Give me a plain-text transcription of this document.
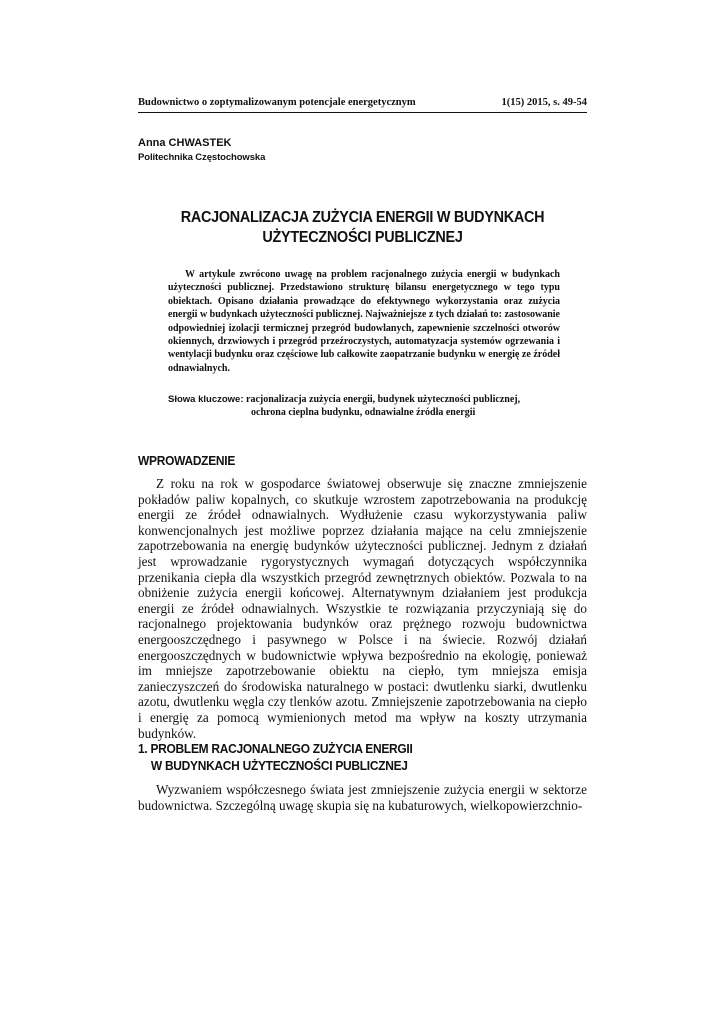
Budownictwo o zoptymalizowanym potencjale energetycznym	1(15) 2015, s. 49-54
Anna CHWASTEK
Politechnika Częstochowska
RACJONALIZACJA ZUŻYCIA ENERGII W BUDYNKACH
UŻYTECZNOŚCI PUBLICZNEJ

W artykule zwrócono uwagę na problem racjonalnego zużycia energii w budynkach użyteczności publicznej. Przedstawiono strukturę bilansu energetycznego w tego typu obiektach. Opisano działania prowadzące do efektywnego wykorzystania oraz zużycia energii w budynkach użyteczności publicznej. Najważniejsze z tych działań to: zastosowanie odpowiedniej izolacji termicznej przegród budowlanych, zapewnienie szczelności otworów okiennych, drzwiowych i przegród przeźroczystych, automatyzacja systemów ogrzewania i wentylacji budynku oraz częściowe lub całkowite zaopatrzanie budynku w energię ze źródeł odnawialnych.

Słowa kluczowe:
racjonalizacja zużycia energii, budynek użyteczności publicznej,
ochrona cieplna budynku, odnawialne źródła energii
WPROWADZENIE

Z roku na rok w gospodarce światowej obserwuje się znaczne zmniejszenie pokładów paliw kopalnych, co skutkuje wzrostem zapotrzebowania na produkcję energii ze źródeł odnawialnych. Wydłużenie czasu wykorzystywania paliw konwencjonalnych jest możliwe poprzez działania mające na celu zmniejszenie zapotrzebowania na energię budynków użyteczności publicznej. Jednym z działań jest wprowadzanie rygorystycznych wymagań dotyczących współczynnika przenikania ciepła dla wszystkich przegród zewnętrznych obiektów. Pozwala to na obniżenie zużycia energii końcowej. Alternatywnym działaniem jest produkcja energii ze źródeł odnawialnych. Wszystkie te rozwiązania przyczyniają się do racjonalnego projektowania budynków oraz prężnego rozwoju budownictwa energooszczędnego i pasywnego w Polsce i na świecie. Rozwój działań energooszczędnych w budownictwie wpływa bezpośrednio na ekologię, ponieważ im mniejsze zapotrzebowanie obiektu na ciepło, tym mniejsza emisja zanieczyszczeń do środowiska naturalnego w postaci: dwutlenku siarki, dwutlenku azotu, dwutlenku węgla czy tlenków azotu. Zmniejszenie zapotrzebowania na ciepło i energię za pomocą wymienionych metod ma wpływ na koszty utrzymania budynków.

1. PROBLEM RACJONALNEGO ZUŻYCIA ENERGII
W BUDYNKACH UŻYTECZNOŚCI PUBLICZNEJ

Wyzwaniem współczesnego świata jest zmniejszenie zużycia energii w sektorze budownictwa. Szczególną uwagę skupia się na kubaturowych, wielkopowierzchnio-
